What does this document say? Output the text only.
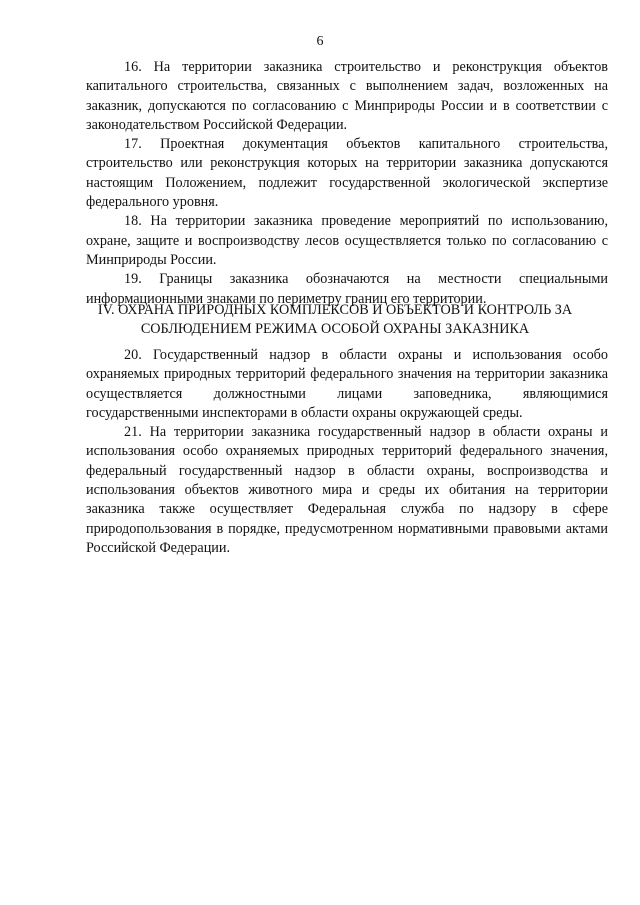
6

16. На территории заказника строительство и реконструкция объектов капитального строительства, связанных с выполнением задач, возложенных на заказник, допускаются по согласованию с Минприроды России и в соответствии с законодательством Российской Федерации.

17. Проектная документация объектов капитального строительства, строительство или реконструкция которых на территории заказника допускаются настоящим Положением, подлежит государственной экологической экспертизе федерального уровня.

18. На территории заказника проведение мероприятий по использованию, охране, защите и воспроизводству лесов осуществляется только по согласованию с Минприроды России.

19. Границы заказника обозначаются на местности специальными информационными знаками по периметру границ его территории.

IV. ОХРАНА ПРИРОДНЫХ КОМПЛЕКСОВ И ОБЪЕКТОВ И КОНТРОЛЬ ЗА
СОБЛЮДЕНИЕМ РЕЖИМА ОСОБОЙ ОХРАНЫ ЗАКАЗНИКА

20. Государственный надзор в области охраны и использования особо охраняемых природных территорий федерального значения на территории заказника осуществляется должностными лицами заповедника, являющимися государственными инспекторами в области охраны окружающей среды.

21. На территории заказника государственный надзор в области охраны и использования особо охраняемых природных территорий федерального значения, федеральный государственный надзор в области охраны, воспроизводства и использования объектов животного мира и среды их обитания на территории заказника также осуществляет Федеральная служба по надзору в сфере природопользования в порядке, предусмотренном нормативными правовыми актами Российской Федерации.
